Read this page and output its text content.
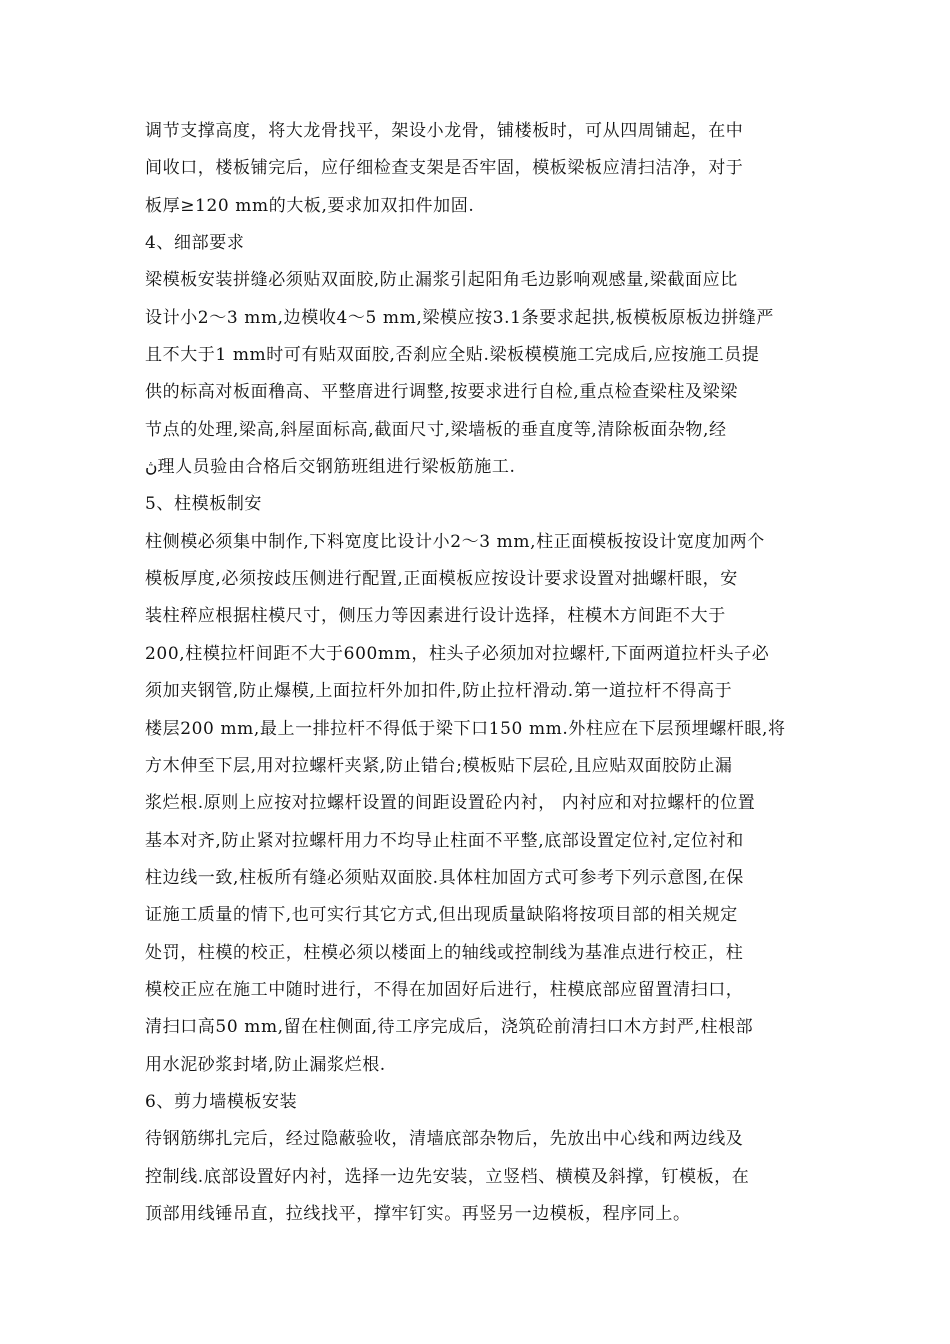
调节支撑高度，将大龙骨找平，架设小龙骨，铺楼板时，可从四周铺起，在中
间收口，楼板铺完后，应仔细检查支架是否牢固，模板梁板应清扫洁净，对于
板厚≥120 mm的大板,要求加双扣件加固.
4、细部要求
梁模板安装拼缝必须贴双面胶,防止漏浆引起阳角毛边影响观感量,梁截面应比
设计小2～3 mm,边模收4～5 mm,梁模应按3.1条要求起拱,板模板原板边拼缝严
且不大于1 mm时可有贴双面胶,否刹应全贴.梁板模模施工完成后,应按施工员提
供的标高对板面穞高、平整庴进行调整,按要求进行自检,重点检查梁柱及梁梁
节点的处理,梁高,斜屋面标高,截面尺寸,梁墙板的垂直度等,清除板面杂物,经
ڽ理人员验由合格后交钢筋班组进行梁板筋施工.
5、柱模板制安
柱侧模必须集中制作,下料宽度比设计小2～3 mm,柱正面模板按设计宽度加两个
模板厚度,必须按歧压侧进行配置,正面模板应按设计要求设置对拙螺杆眼，安
装柱稡应根据柱模尺寸，侧压力等因素进行设计选择，柱模木方间距不大于
200,柱模拉杆间距不大于600mm，柱头子必须加对拉螺杆,下面两道拉杆头子必
须加夹钢管,防止爆模,上面拉杆外加扣件,防止拉杆滑动.第一道拉杆不得高于
楼层200 mm,最上一排拉杆不得低于梁下口150 mm.外柱应在下层预埋螺杆眼,将
方木伸至下层,用对拉螺杆夹紧,防止错台;模板贴下层砼,且应贴双面胶防止漏
浆烂根.原则上应按对拉螺杆设置的间距设置砼内衬， 内衬应和对拉螺杆的位置
基本对齐,防止紧对拉螺杆用力不均导止柱面不平整,底部设置定位衬,定位衬和
柱边线一致,柱板所有缝必须贴双面胶.具体柱加固方式可参考下列示意图,在保
证施工质量的情下,也可实行其它方式,但出现质量缺陷将按项目部的相关规定
处罚，柱模的校正，柱模必须以楼面上的轴线或控制线为基准点进行校正，柱
模校正应在施工中随时进行，不得在加固好后进行，柱模底部应留置清扫口，
清扫口高50 mm,留在柱侧面,待工序完成后，浇筑砼前清扫口木方封严,柱根部
用水泥砂浆封堵,防止漏浆烂根.
6、剪力墙模板安装
待钢筋绑扎完后，经过隐蔽验收，清墙底部杂物后，先放出中心线和两边线及
控制线.底部设置好内衬，选择一边先安装，立竖档、横模及斜撑，钉模板，在
顶部用线锤吊直，拉线找平，撑牢钉实。再竖另一边模板，程序同上。
